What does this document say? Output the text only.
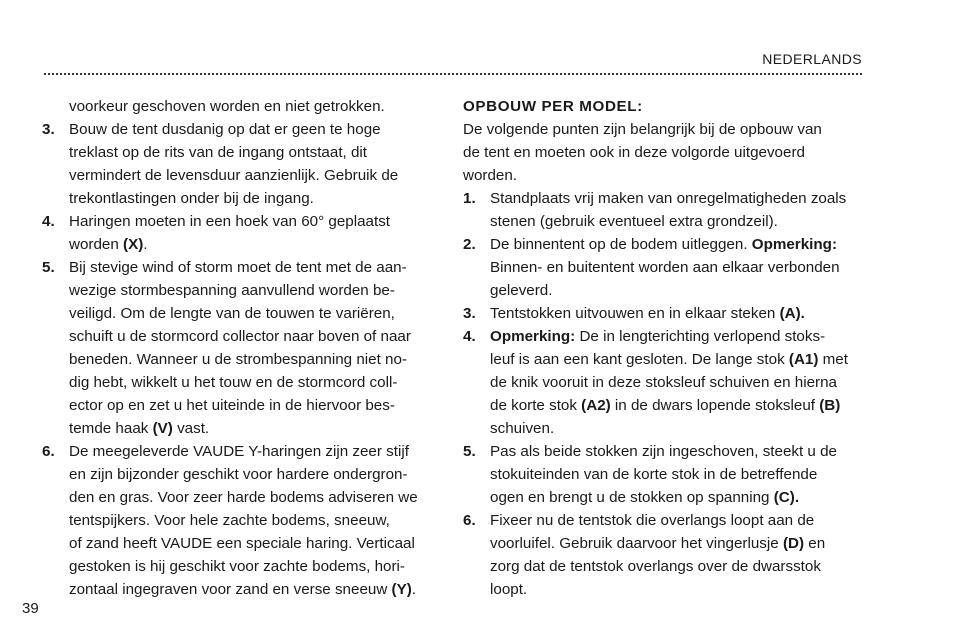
NEDERLANDS
voorkeur geschoven worden en niet getrokken.
3. Bouw de tent dusdanig op dat er geen te hoge
treklast op de rits van de ingang ontstaat, dit
vermindert de levensduur aanzienlijk. Gebruik de
trekontlastingen onder bij de ingang.
4. Haringen moeten in een hoek van 60° geplaatst
worden (X).
5. Bij stevige wind of storm moet de tent met de aan-
wezige stormbespanning aanvullend worden be-
veiligd. Om de lengte van de touwen te variëren,
schuift u de stormcord collector naar boven of naar
beneden. Wanneer u de strombespanning niet no-
dig hebt, wikkelt u het touw en de stormcord coll-
ector op en zet u het uiteinde in de hiervoor bes-
temde haak (V) vast.
6. De meegeleverde VAUDE Y-haringen zijn zeer stijf
en zijn bijzonder geschikt voor hardere ondergron-
den en gras. Voor zeer harde bodems adviseren we
tentspijkers. Voor hele zachte bodems, sneeuw,
of zand heeft VAUDE een speciale haring. Verticaal
gestoken is hij geschikt voor zachte bodems, hori-
zontaal ingegraven voor zand en verse sneeuw (Y).
OPBOUW PER MODEL:
De volgende punten zijn belangrijk bij de opbouw van
de tent en moeten ook in deze volgorde uitgevoerd
worden.
1. Standplaats vrij maken van onregelmatigheden zoals
stenen (gebruik eventueel extra grondzeil).
2. De binnentent op de bodem uitleggen. Opmerking:
Binnen- en buitentent worden aan elkaar verbonden
geleverd.
3. Tentstokken uitvouwen en in elkaar steken (A).
4. Opmerking: De in lengterichting verlopend stoks-
leuf is aan een kant gesloten. De lange stok (A1) met
de knik vooruit in deze stoksleuf schuiven en hierna
de korte stok (A2) in de dwars lopende stoksleuf (B)
schuiven.
5. Pas als beide stokken zijn ingeschoven, steekt u de
stokuiteinden van de korte stok in de betreffende
ogen en brengt u de stokken op spanning (C).
6. Fixeer nu de tentstok die overlangs loopt aan de
voorluifel. Gebruik daarvoor het vingerlusje (D) en
zorg dat de tentstok overlangs over de dwarsstok
loopt.
39
